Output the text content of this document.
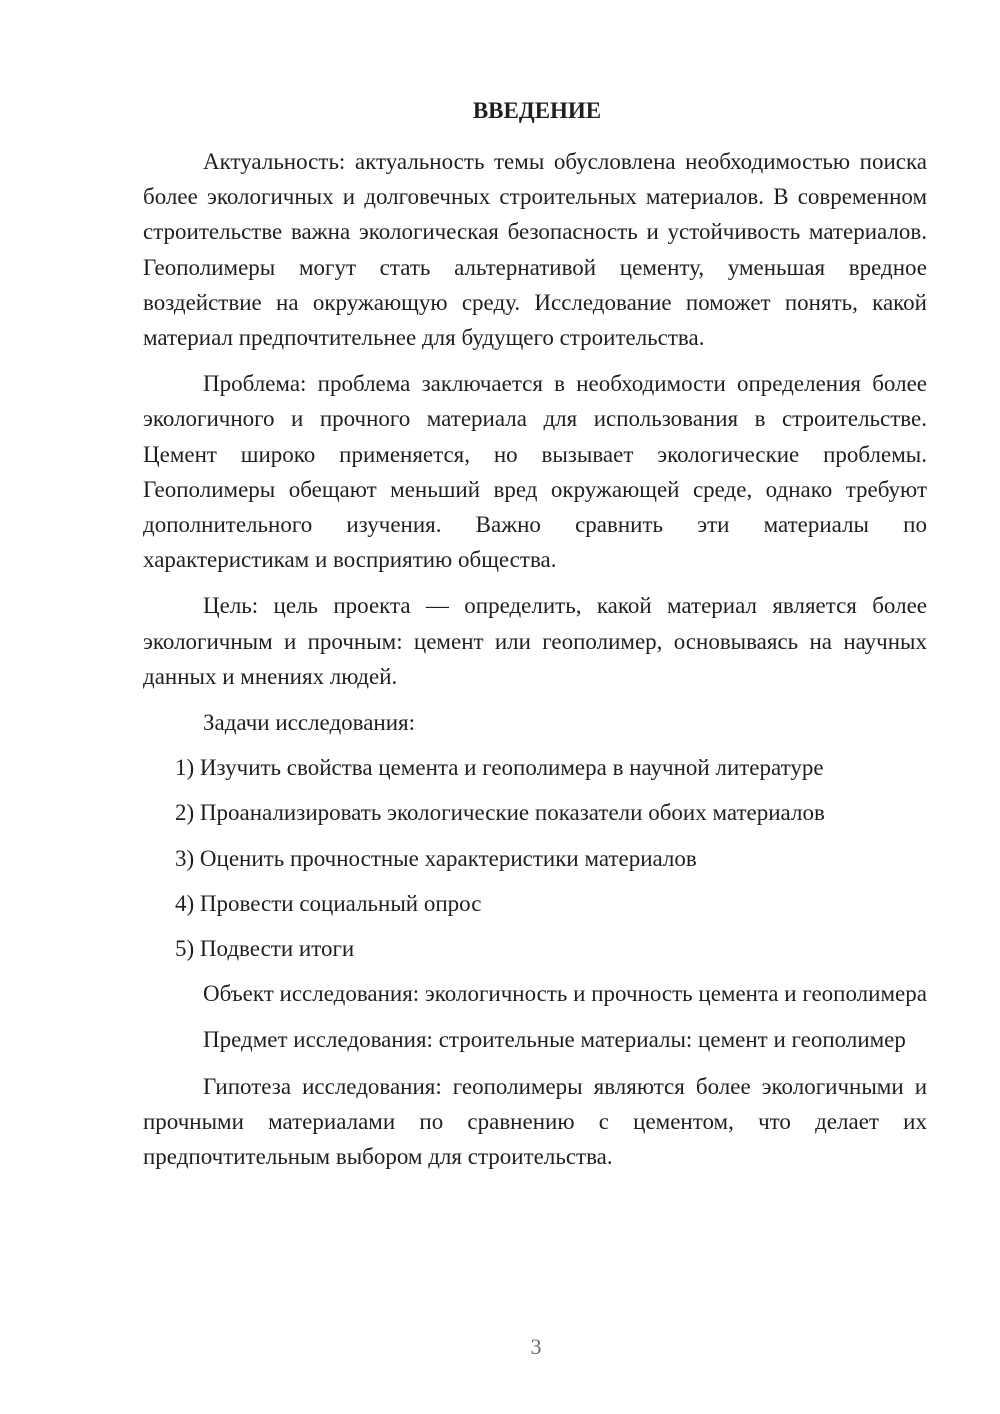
ВВЕДЕНИЕ

Актуальность: актуальность темы обусловлена необходимостью поиска более экологичных и долговечных строительных материалов. В современном строительстве важна экологическая безопасность и устойчивость материалов. Геополимеры могут стать альтернативой цементу, уменьшая вредное воздействие на окружающую среду. Исследование поможет понять, какой материал предпочтительнее для будущего строительства.

Проблема: проблема заключается в необходимости определения более экологичного и прочного материала для использования в строительстве. Цемент широко применяется, но вызывает экологические проблемы. Геополимеры обещают меньший вред окружающей среде, однако требуют дополнительного изучения. Важно сравнить эти материалы по характеристикам и восприятию общества.

Цель: цель проекта — определить, какой материал является более экологичным и прочным: цемент или геополимер, основываясь на научных данных и мнениях людей.

Задачи исследования:

1) Изучить свойства цемента и геополимера в научной литературе
2) Проанализировать экологические показатели обоих материалов
3) Оценить прочностные характеристики материалов
4) Провести социальный опрос
5) Подвести итоги

Объект исследования: экологичность и прочность цемента и геополимера

Предмет исследования: строительные материалы: цемент и геополимер

Гипотеза исследования: геополимеры являются более экологичными и прочными материалами по сравнению с цементом, что делает их предпочтительным выбором для строительства.

3
